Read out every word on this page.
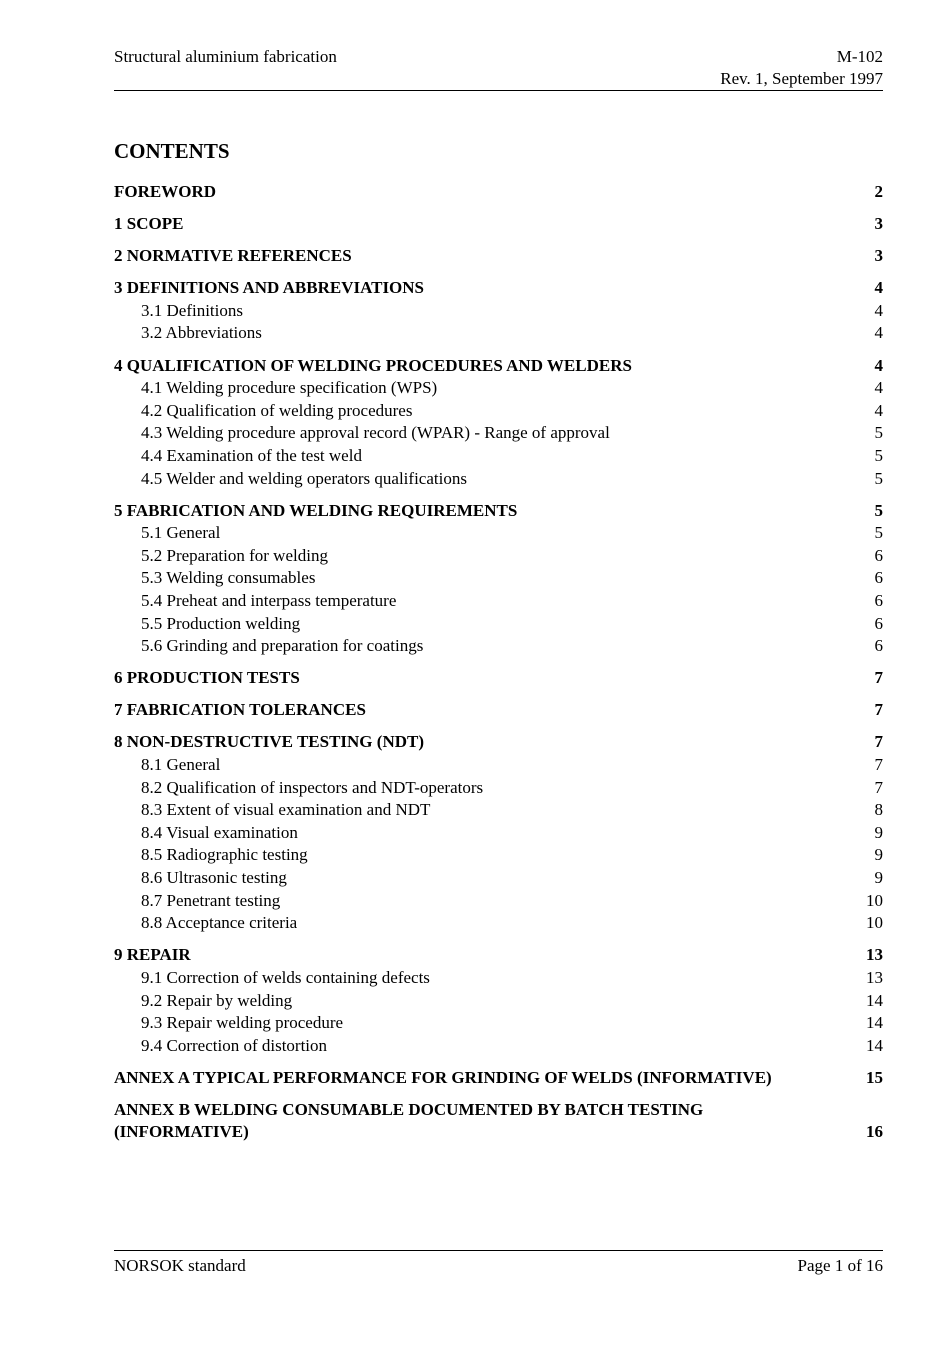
Structural aluminium fabrication	M-102
Rev. 1, September 1997
CONTENTS
FOREWORD	2
1 SCOPE	3
2 NORMATIVE REFERENCES	3
3 DEFINITIONS AND ABBREVIATIONS	4
3.1 Definitions	4
3.2 Abbreviations	4
4 QUALIFICATION OF WELDING PROCEDURES AND WELDERS	4
4.1 Welding procedure specification (WPS)	4
4.2 Qualification of welding procedures	4
4.3 Welding procedure approval record (WPAR) - Range of approval	5
4.4 Examination of the test weld	5
4.5 Welder and welding operators qualifications	5
5 FABRICATION AND WELDING REQUIREMENTS	5
5.1 General	5
5.2 Preparation for welding	6
5.3 Welding consumables	6
5.4 Preheat and interpass temperature	6
5.5 Production welding	6
5.6 Grinding and preparation for coatings	6
6 PRODUCTION TESTS	7
7 FABRICATION TOLERANCES	7
8 NON-DESTRUCTIVE TESTING (NDT)	7
8.1 General	7
8.2 Qualification of inspectors and NDT-operators	7
8.3 Extent of visual examination and NDT	8
8.4 Visual examination	9
8.5 Radiographic testing	9
8.6 Ultrasonic testing	9
8.7 Penetrant testing	10
8.8 Acceptance criteria	10
9 REPAIR	13
9.1 Correction of welds containing defects	13
9.2 Repair by welding	14
9.3 Repair welding procedure	14
9.4 Correction of distortion	14
ANNEX A TYPICAL PERFORMANCE FOR GRINDING OF WELDS (INFORMATIVE)	15
ANNEX B WELDING CONSUMABLE DOCUMENTED BY BATCH TESTING (INFORMATIVE)	16
NORSOK standard	Page 1 of 16
